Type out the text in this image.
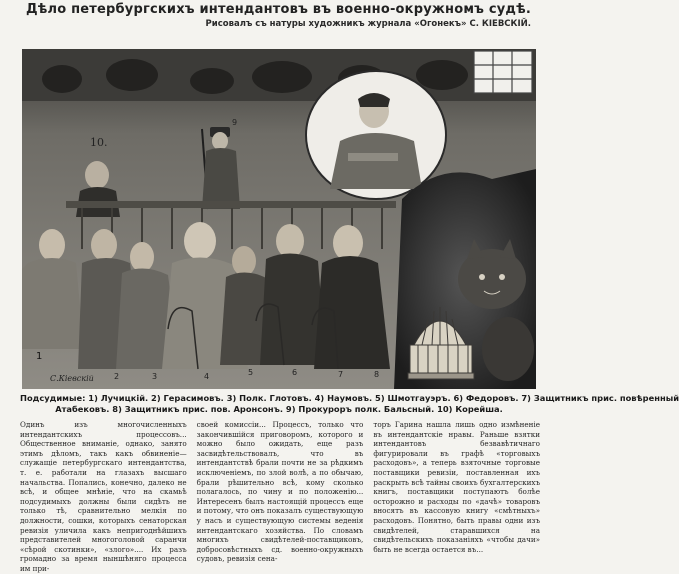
Дѣло петербургскихъ интендантовъ въ военно-окружномъ судѣ.
Рисовалъ съ натуры художникъ журнала «Огонекъ» С. КІЕВСКІЙ.
10.
1
2	3	4	5	6	7	8
9
С.Кіевскій
Подсудимые: 1) Лучицкій. 2) Герасимовъ. 3) Полк. Глотовъ. 4) Наумовъ. 5) Шмотгауэръ. 6) Федоровъ. 7) Защитникъ прис. повѣренный
Атабековъ. 8) Защитникъ прис. пов. Аронсонъ. 9) Прокуроръ полк. Бальсный. 10) Корейша.

Одинъ изъ многочисленныхъ интендантскихъ процессовъ... Общественное вниманіе, однако, занято этимъ дѣломъ, такъ какъ обвиненіе—служащіе петербургскаго интендантства, т. е. работали на глазахъ высшаго начальства. Попались, конечно, далеко не всѣ, и общее мнѣніе, что на скамьѣ подсудимыхъ должны были сидѣть не только тѣ, сравнительно мелкія по должности, сошки, которыхъ сенаторская ревизія уличила какъ непригоднѣйшихъ представителей многоголовой саранчи «сѣрой скотинки», «злого».... Их разъ громадно за время ныншѣняго процесса им при-

своей комиссіи... Процессъ, только что закончившійся приговоромъ, которого и можно было ожидать, еще разъ засвидѣтельствовалъ, что въ интендантствѣ брали почти не за рѣдкимъ исключеніемъ, по злой волѣ, а по обычаю, брали рѣшительно всѣ, кому сколько полагалось, по чину и по положенію... Интересенъ былъ настоящій процессъ еще и потому, что онъ показалъ существующую у насъ и существующую системы веденія интендантскаго хозяйства. По словамъ многихъ свидѣтелей-поставщиковъ, добросовѣстныхъ сд. военно-окружныхъ судовъ, ревизія сена-

торъ Гарина нашла лишь одно измѣненіе въ интендантскіе нравы. Раньше взятки интендантовъ безвавѣтичнаго фигурировали въ графѣ «торговыхъ расходовъ», а теперь взяточные торговые поставщики ревизіи, поставленная ихъ раскрыть всѣ тайны своихъ бухгалтерскихъ книгъ, поставщики поступаютъ болѣе осторожно и расходы по «дачѣ» товаровъ вносятъ въ кассовую книгу «смѣтныхъ» расходовъ. Понятно, быть правы одни изъ свидѣтелей, старавшихся на свидѣтельскихъ показаніяхъ «чтобы дачи» быть не всегда остается въ...
